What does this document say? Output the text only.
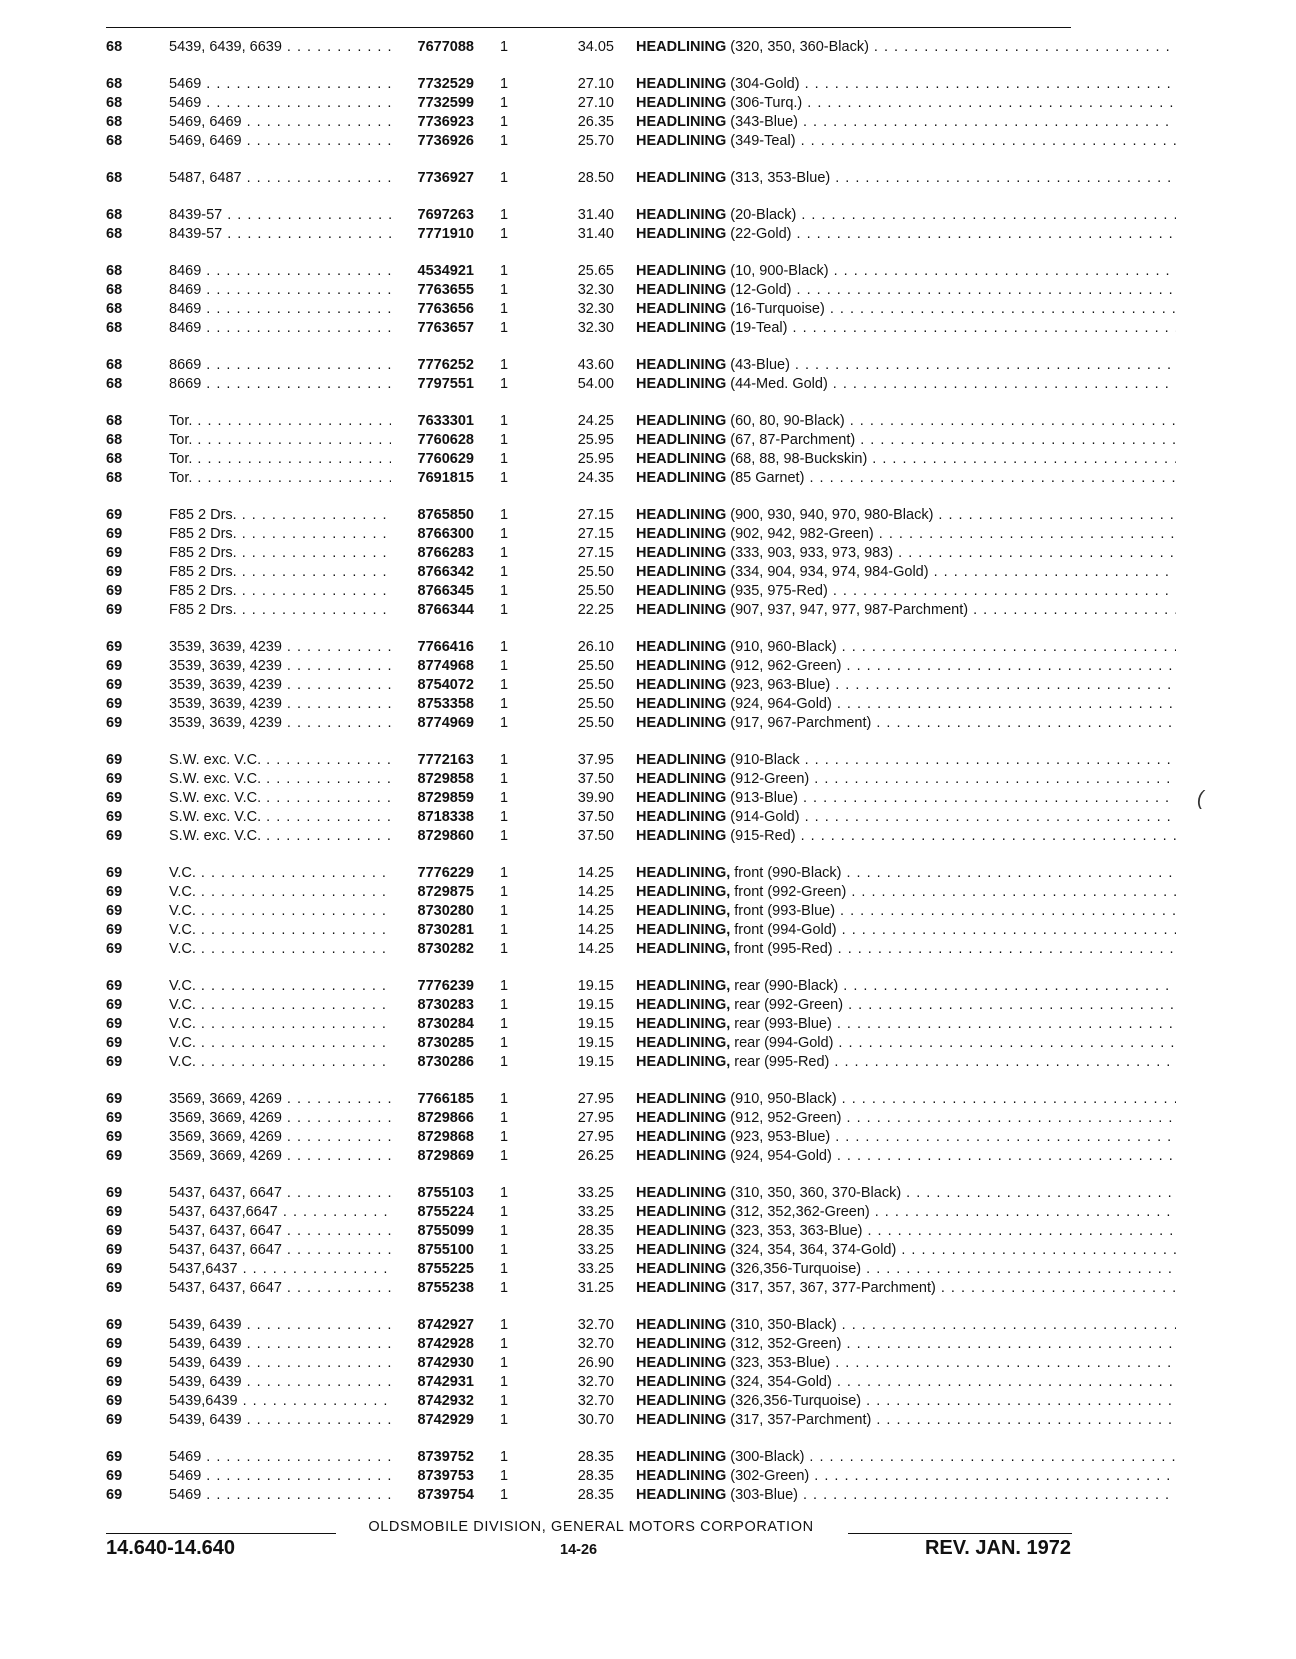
68	5439, 6439, 6639 . . .	7677088 1	34.05 HEADLINING (320, 350, 360-Black) . . .
68	5469 . . .	7732529 1	27.10 HEADLINING (304-Gold) . . .
68	5469 . . .	7732599 1	27.10 HEADLINING (306-Turq.) . . .
68	5469, 6469 . . .	7736923 1	26.35 HEADLINING (343-Blue) . . .
68	5469, 6469 . . .	7736926 1	25.70 HEADLINING (349-Teal) . . .
68	5487, 6487 . . .	7736927 1	28.50 HEADLINING (313, 353-Blue) . . .
68	8439-57 . . .	7697263 1	31.40 HEADLINING (20-Black) . . .
68	8439-57 . . .	7771910 1	31.40 HEADLINING (22-Gold) . . .
68	8469 . . .	4534921 1	25.65 HEADLINING (10, 900-Black) . . .
68	8469 . . .	7763655 1	32.30 HEADLINING (12-Gold) . . .
68	8469 . . .	7763656 1	32.30 HEADLINING (16-Turquoise) . . .
68	8469 . . .	7763657 1	32.30 HEADLINING (19-Teal) . . .
68	8669 . . .	7776252 1	43.60 HEADLINING (43-Blue) . . .
68	8669 . . .	7797551 1	54.00 HEADLINING (44-Med. Gold) . . .
68	Tor. . . .	7633301 1	24.25 HEADLINING (60, 80, 90-Black) . . .
68	Tor. . . .	7760628 1	25.95 HEADLINING (67, 87-Parchment) . . .
68	Tor. . . .	7760629 1	25.95 HEADLINING (68, 88, 98-Buckskin) . . .
68	Tor. . . .	7691815 1	24.35 HEADLINING (85 Garnet) . . .
69	F85 2 Drs. . . .	8765850 1	27.15 HEADLINING (900, 930, 940, 970, 980-Black) . . .
69	F85 2 Drs. . . .	8766300 1	27.15 HEADLINING (902, 942, 982-Green) . . .
69	F85 2 Drs. . . .	8766283 1	27.15 HEADLINING (333, 903, 933, 973, 983) . . .
69	F85 2 Drs. . . .	8766342 1	25.50 HEADLINING (334, 904, 934, 974, 984-Gold) . . .
69	F85 2 Drs. . . .	8766345 1	25.50 HEADLINING (935, 975-Red) . . .
69	F85 2 Drs. . . .	8766344 1	22.25 HEADLINING (907, 937, 947, 977, 987-Parchment) . . .
69	3539, 3639, 4239 . . .	7766416 1	26.10 HEADLINING (910, 960-Black) . . .
69	3539, 3639, 4239 . . .	8774968 1	25.50 HEADLINING (912, 962-Green) . . .
69	3539, 3639, 4239 . . .	8754072 1	25.50 HEADLINING (923, 963-Blue) . . .
69	3539, 3639, 4239 . . .	8753358 1	25.50 HEADLINING (924, 964-Gold) . . .
69	3539, 3639, 4239 . . .	8774969 1	25.50 HEADLINING (917, 967-Parchment) . . .
69	S.W. exc. V.C. . . .	7772163 1	37.95 HEADLINING (910-Black . . .
69	S.W. exc. V.C. . . .	8729858 1	37.50 HEADLINING (912-Green) . . .
69	S.W. exc. V.C. . . .	8729859 1	39.90 HEADLINING (913-Blue) . . .
69	S.W. exc. V.C. . . .	8718338 1	37.50 HEADLINING (914-Gold) . . .
69	S.W. exc. V.C. . . .	8729860 1	37.50 HEADLINING (915-Red) . . .
69	V.C. . . .	7776229 1	14.25 HEADLINING, front (990-Black) . . .
69	V.C. . . .	8729875 1	14.25 HEADLINING, front (992-Green) . . .
69	V.C. . . .	8730280 1	14.25 HEADLINING, front (993-Blue) . . .
69	V.C. . . .	8730281 1	14.25 HEADLINING, front (994-Gold) . . .
69	V.C. . . .	8730282 1	14.25 HEADLINING, front (995-Red) . . .
69	V.C. . . .	7776239 1	19.15 HEADLINING, rear (990-Black) . . .
69	V.C. . . .	8730283 1	19.15 HEADLINING, rear (992-Green) . . .
69	V.C. . . .	8730284 1	19.15 HEADLINING, rear (993-Blue) . . .
69	V.C. . . .	8730285 1	19.15 HEADLINING, rear (994-Gold) . . .
69	V.C. . . .	8730286 1	19.15 HEADLINING, rear (995-Red) . . .
69	3569, 3669, 4269 . . .	7766185 1	27.95 HEADLINING (910, 950-Black) . . .
69	3569, 3669, 4269 . . .	8729866 1	27.95 HEADLINING (912, 952-Green) . . .
69	3569, 3669, 4269 . . .	8729868 1	27.95 HEADLINING (923, 953-Blue) . . .
69	3569, 3669, 4269 . . .	8729869 1	26.25 HEADLINING (924, 954-Gold) . . .
69	5437, 6437, 6647 . . .	8755103 1	33.25 HEADLINING (310, 350, 360, 370-Black) . . .
69	5437, 6437,6647 . . .	8755224 1	33.25 HEADLINING (312, 352,362-Green) . . .
69	5437, 6437, 6647 . . .	8755099 1	28.35 HEADLINING (323, 353, 363-Blue) . . .
69	5437, 6437, 6647 . . .	8755100 1	33.25 HEADLINING (324, 354, 364, 374-Gold) . . .
69	5437,6437 . . .	8755225 1	33.25 HEADLINING (326,356-Turquoise) . . .
69	5437, 6437, 6647 . . .	8755238 1	31.25 HEADLINING (317, 357, 367, 377-Parchment) . . .
69	5439, 6439 . . .	8742927 1	32.70 HEADLINING (310, 350-Black) . . .
69	5439, 6439 . . .	8742928 1	32.70 HEADLINING (312, 352-Green) . . .
69	5439, 6439 . . .	8742930 1	26.90 HEADLINING (323, 353-Blue) . . .
69	5439, 6439 . . .	8742931 1	32.70 HEADLINING (324, 354-Gold) . . .
69	5439,6439 . . .	8742932 1	32.70 HEADLINING (326,356-Turquoise) . . .
69	5439, 6439 . . .	8742929 1	30.70 HEADLINING (317, 357-Parchment) . . .
69	5469 . . .	8739752 1	28.35 HEADLINING (300-Black) . . .
69	5469 . . .	8739753 1	28.35 HEADLINING (302-Green) . . .
69	5469 . . .	8739754 1	28.35 HEADLINING (303-Blue) . . .
OLDSMOBILE DIVISION, GENERAL MOTORS CORPORATION
14.640-14.640	14-26	REV. JAN. 1972
(
